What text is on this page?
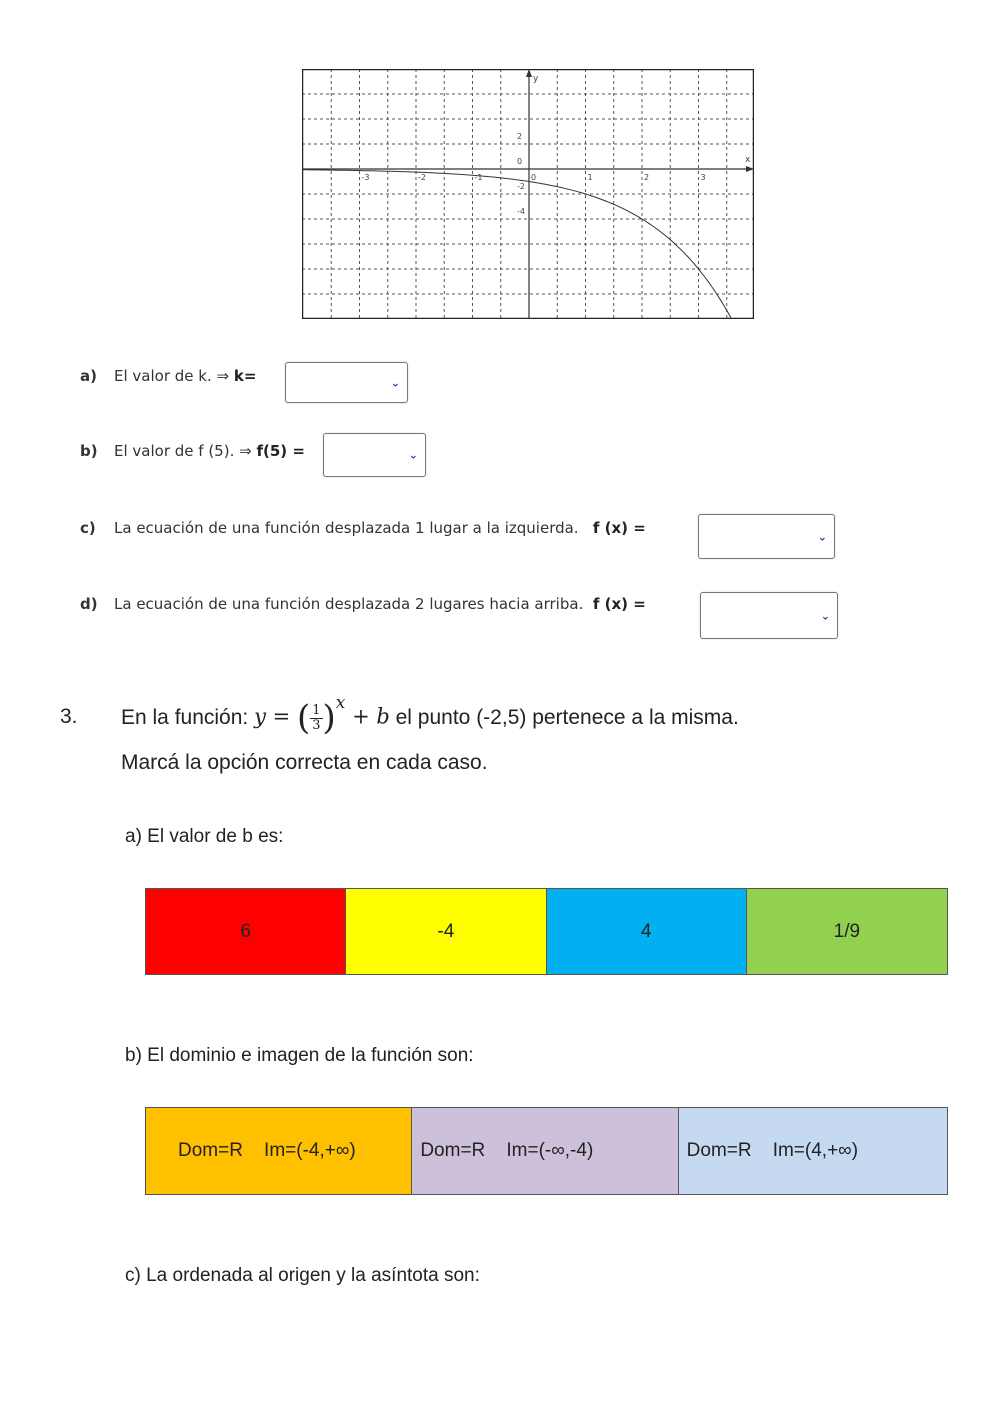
x
y
-3	-2	-1	0	1	2	3
2
0
-2
-4
a) El valor de k. ⇒ k=	⌄
b) El valor de f (5). ⇒ f(5) =	⌄
c) La ecuación de una función desplazada 1 lugar a la izquierda. f (x) =	⌄
d) La ecuación de una función desplazada 2 lugares hacia arriba. f (x) =
⌄
3. En la función:
y = ( $\frac{1}{3} )^x + b$
el punto (-2,5) pertenece a la misma.
Marcá la opción correcta en cada caso.
a) El valor de b es:
6	-4	4	1/9
b) El dominio e imagen de la función son:
Dom=R    Im=(-4,+∞)	Dom=R    Im=(-∞,-4)	Dom=R    Im=(4,+∞)
c) La ordenada al origen y la asíntota son:
